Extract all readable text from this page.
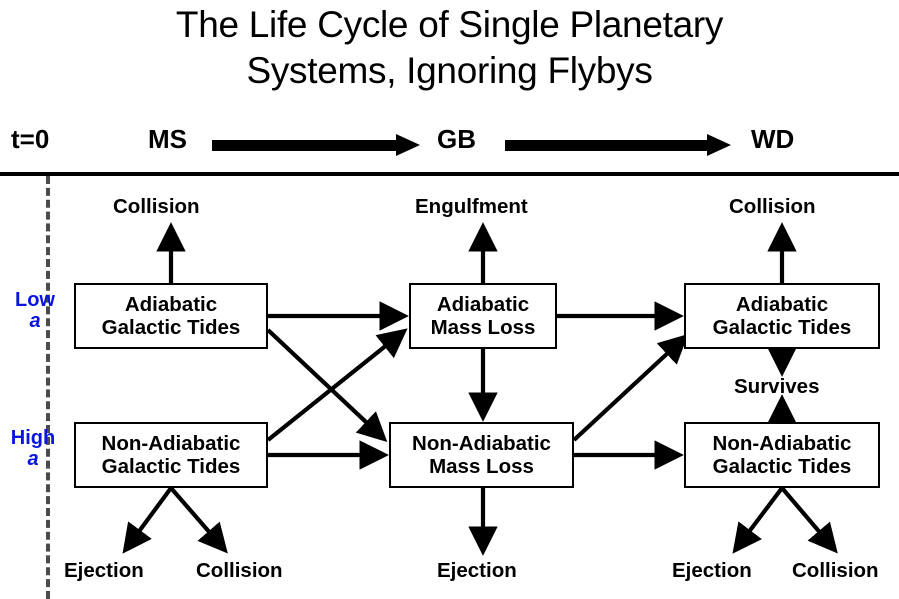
The Life Cycle of Single Planetary
Systems, Ignoring Flybys
t=0	MS	GB	WD
Low
a
High
a
Adiabatic
Galactic Tides
Non-Adiabatic
Galactic Tides
Adiabatic
Mass Loss
Non-Adiabatic
Mass Loss
Adiabatic
Galactic Tides
Non-Adiabatic
Galactic Tides
Collision	Engulfment	Collision
Survives
Ejection	Collision	Ejection	Ejection Collision
